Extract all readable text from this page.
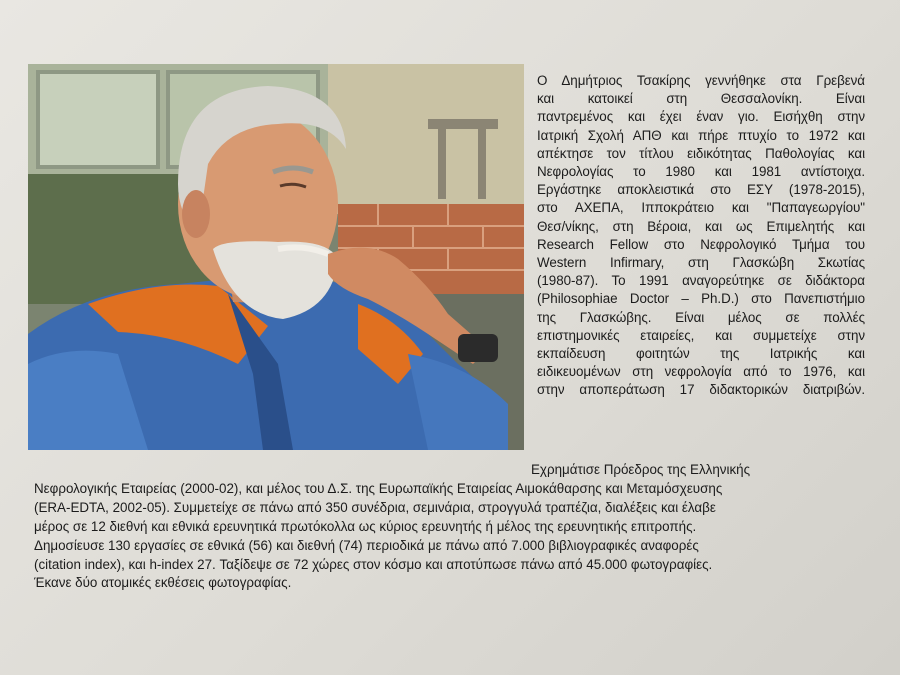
Ο Δημήτριος Τσακίρης γεννήθηκε στα Γρεβενά
και κατοικεί στη Θεσσαλονίκη. Είναι
παντρεμένος και έχει έναν γιο. Εισήχθη στην
Ιατρική Σχολή ΑΠΘ και πήρε πτυχίο το 1972 και
απέκτησε τον τίτλου ειδικότητας Παθολογίας και
Νεφρολογίας το 1980 και 1981 αντίστοιχα.
Εργάστηκε αποκλειστικά στο ΕΣΥ (1978-2015),
στο ΑΧΕΠΑ, Ιπποκράτειο και "Παπαγεωργίου"
Θεσ/νίκης, στη Βέροια, και ως Επιμελητής και
Research Fellow στο Νεφρολογικό Τμήμα του
Western Infirmary, στη Γλασκώβη Σκωτίας
(1980-87). Το 1991 αναγορεύτηκε σε διδάκτορα
(Philosophiae Doctor – Ph.D.) στο Πανεπιστήμιο
της Γλασκώβης. Είναι μέλος σε πολλές
επιστημονικές εταιρείες, και συμμετείχε στην
εκπαίδευση φοιτητών της Ιατρικής και
ειδικευομένων στη νεφρολογία από το 1976, και
στην αποπεράτωση 17 διδακτορικών διατριβών.
Εχρημάτισε Πρόεδρος της Ελληνικής
Νεφρολογικής Εταιρείας (2000-02), και μέλος του Δ.Σ. της Ευρωπαϊκής Εταιρείας Αιμοκάθαρσης και Μεταμόσχευσης
(ERA-EDTA, 2002-05). Συμμετείχε σε πάνω από 350 συνέδρια, σεμινάρια, στρογγυλά τραπέζια, διαλέξεις και έλαβε
μέρος σε 12 διεθνή και εθνικά ερευνητικά πρωτόκολλα ως κύριος ερευνητής ή μέλος της ερευνητικής επιτροπής.
Δημοσίευσε 130 εργασίες σε εθνικά (56) και διεθνή (74) περιοδικά με πάνω από 7.000 βιβλιογραφικές αναφορές
(citation index), και h-index 27. Ταξίδεψε σε 72 χώρες στον κόσμο και αποτύπωσε πάνω από 45.000 φωτογραφίες.
Έκανε δύο ατομικές εκθέσεις φωτογραφίας.
